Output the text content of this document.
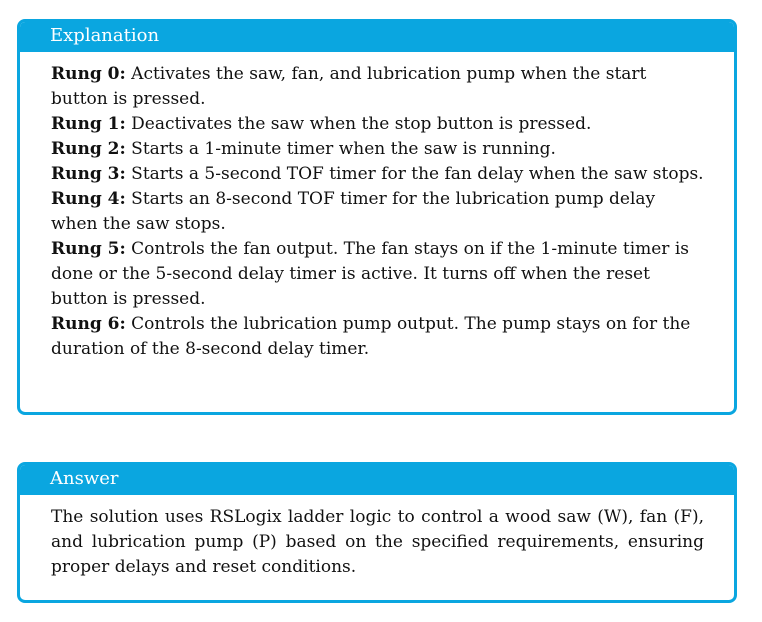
Explanation

Rung 0: Activates the saw, fan, and lubrication pump when the start button is pressed.

Rung 1: Deactivates the saw when the stop button is pressed.

Rung 2: Starts a 1-minute timer when the saw is running.

Rung 3: Starts a 5-second TOF timer for the fan delay when the saw stops.

Rung 4: Starts an 8-second TOF timer for the lubrication pump delay when the saw stops.

Rung 5: Controls the fan output. The fan stays on if the 1-minute timer is done or the 5-second delay timer is active. It turns off when the reset button is pressed.

Rung 6: Controls the lubrication pump output. The pump stays on for the duration of the 8-second delay timer.

Answer

The solution uses RSLogix ladder logic to control a wood saw (W), fan (F), and lubrication pump (P) based on the specified requirements, ensuring proper delays and reset conditions.
